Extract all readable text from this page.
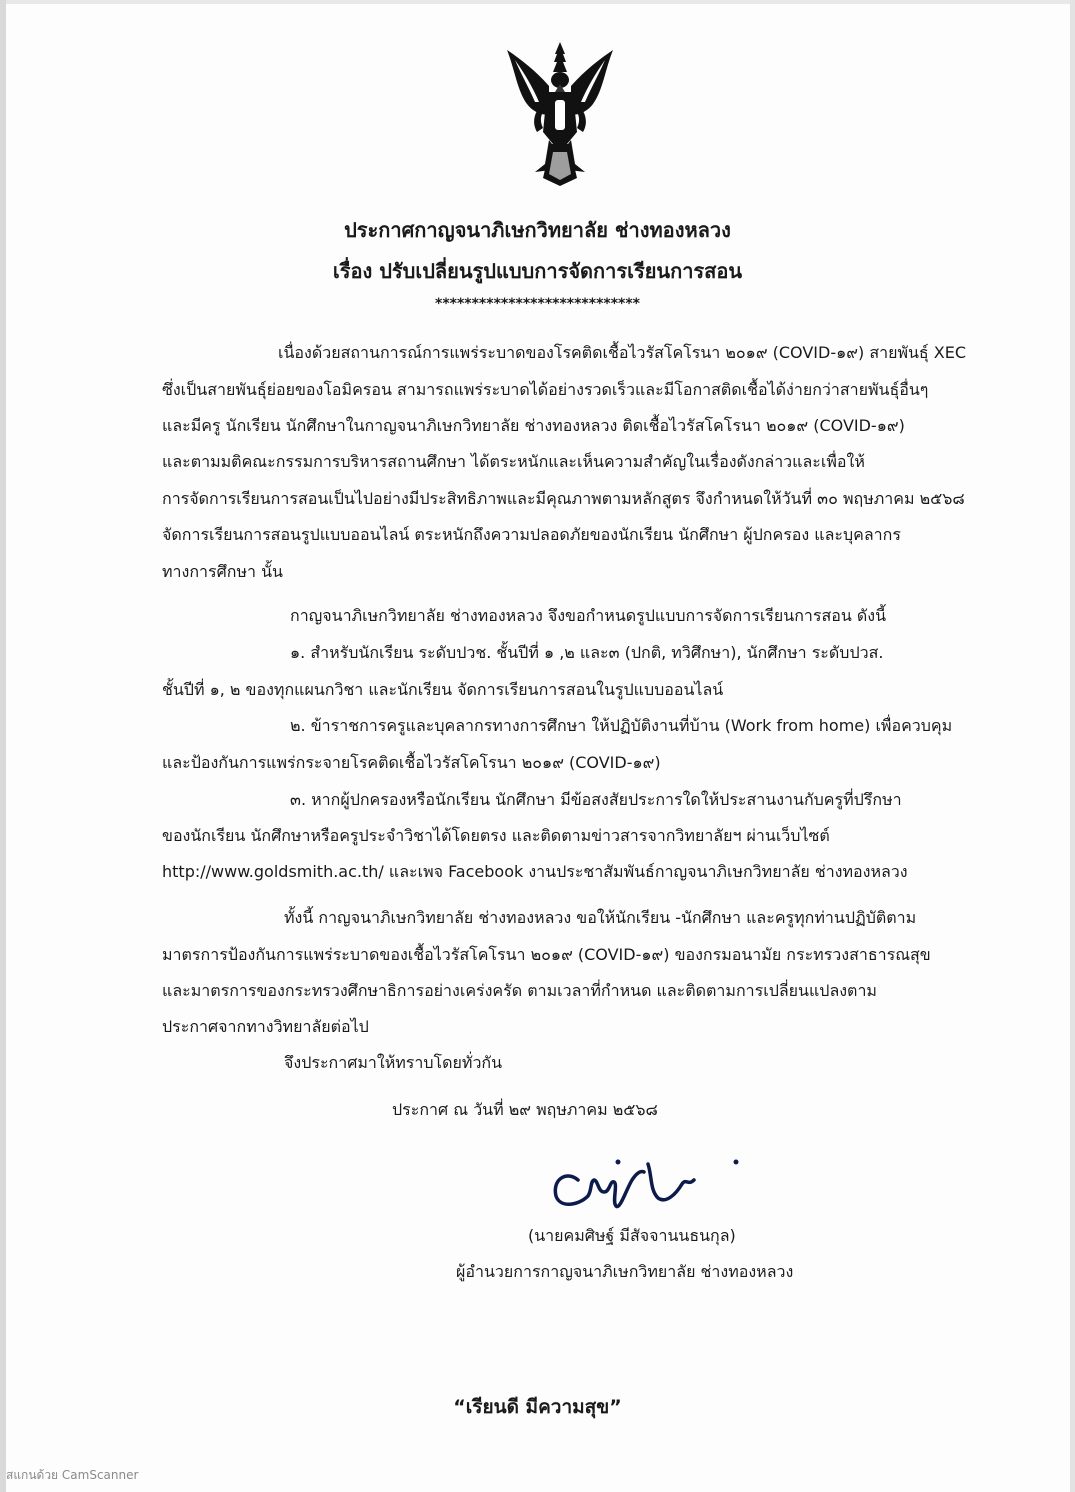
ประกาศกาญจนาภิเษกวิทยาลัย ช่างทองหลวง
เรื่อง ปรับเปลี่ยนรูปแบบการจัดการเรียนการสอน
****************************
เนื่องด้วยสถานการณ์การแพร่ระบาดของโรคติดเชื้อไวรัสโคโรนา ๒๐๑๙ (COVID-๑๙) สายพันธุ์ XEC
ซึ่งเป็นสายพันธุ์ย่อยของโอมิครอน สามารถแพร่ระบาดได้อย่างรวดเร็วและมีโอกาสติดเชื้อได้ง่ายกว่าสายพันธุ์อื่นๆ
และมีครู นักเรียน นักศึกษาในกาญจนาภิเษกวิทยาลัย ช่างทองหลวง ติดเชื้อไวรัสโคโรนา ๒๐๑๙ (COVID-๑๙)
และตามมติคณะกรรมการบริหารสถานศึกษา ได้ตระหนักและเห็นความสำคัญในเรื่องดังกล่าวและเพื่อให้
การจัดการเรียนการสอนเป็นไปอย่างมีประสิทธิภาพและมีคุณภาพตามหลักสูตร จึงกำหนดให้วันที่ ๓๐ พฤษภาคม ๒๕๖๘
จัดการเรียนการสอนรูปแบบออนไลน์ ตระหนักถึงความปลอดภัยของนักเรียน นักศึกษา ผู้ปกครอง และบุคลากร
ทางการศึกษา นั้น
กาญจนาภิเษกวิทยาลัย ช่างทองหลวง จึงขอกำหนดรูปแบบการจัดการเรียนการสอน ดังนี้
๑. สำหรับนักเรียน ระดับปวช. ชั้นปีที่ ๑ ,๒ และ๓ (ปกติ, ทวิศึกษา), นักศึกษา ระดับปวส.
ชั้นปีที่ ๑, ๒ ของทุกแผนกวิชา และนักเรียน จัดการเรียนการสอนในรูปแบบออนไลน์
๒. ข้าราชการครูและบุคลากรทางการศึกษา ให้ปฏิบัติงานที่บ้าน (Work from home) เพื่อควบคุม
และป้องกันการแพร่กระจายโรคติดเชื้อไวรัสโคโรนา ๒๐๑๙ (COVID-๑๙)
๓. หากผู้ปกครองหรือนักเรียน นักศึกษา มีข้อสงสัยประการใดให้ประสานงานกับครูที่ปรึกษา
ของนักเรียน นักศึกษาหรือครูประจำวิชาได้โดยตรง และติดตามข่าวสารจากวิทยาลัยฯ ผ่านเว็บไซต์
http://www.goldsmith.ac.th/ และเพจ Facebook งานประชาสัมพันธ์กาญจนาภิเษกวิทยาลัย ช่างทองหลวง
ทั้งนี้ กาญจนาภิเษกวิทยาลัย ช่างทองหลวง ขอให้นักเรียน -นักศึกษา และครูทุกท่านปฏิบัติตาม
มาตรการป้องกันการแพร่ระบาดของเชื้อไวรัสโคโรนา ๒๐๑๙ (COVID-๑๙) ของกรมอนามัย กระทรวงสาธารณสุข
และมาตรการของกระทรวงศึกษาธิการอย่างเคร่งครัด ตามเวลาที่กำหนด และติดตามการเปลี่ยนแปลงตาม
ประกาศจากทางวิทยาลัยต่อไป
จึงประกาศมาให้ทราบโดยทั่วกัน
ประกาศ ณ วันที่ ๒๙ พฤษภาคม ๒๕๖๘
(นายคมศิษฐ์ มีสัจจานนธนกุล)
ผู้อำนวยการกาญจนาภิเษกวิทยาลัย ช่างทองหลวง
“เรียนดี มีความสุข”
สแกนด้วย CamScanner
